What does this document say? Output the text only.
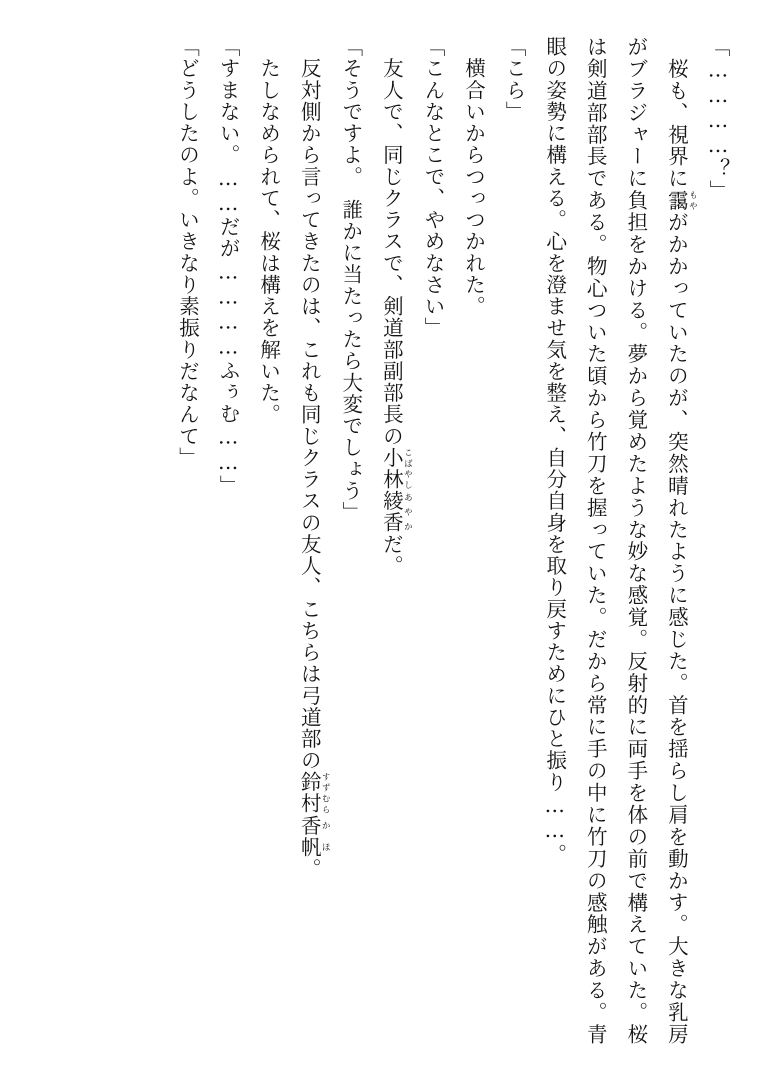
「…………？」

　桜も、視界に靄 もやがかかっていたのが、突然晴れたように感じた。首を揺らし肩を動かす。大きな乳房がブラジャーに負担をかける。夢から覚めたような妙な感覚。反射的に両手を体の前で構えていた。桜は剣道部部長である。物心ついた頃から竹刀を握っていた。だから常に手の中に竹刀の感触がある。青眼の姿勢に構える。心を澄ませ気を整え、自分自身を取り戻すためにひと振り……。

「こら」

　横合いからつっつかれた。

「こんなとこで、やめなさい」

　友人で、同じクラスで、剣道部副部長の小林 こばやし綾香 あやかだ。

「そうですよ。　誰かに当たったら大変でしょう」

　反対側から言ってきたのは、これも同じクラスの友人、こちらは弓道部の鈴村 すずむら香帆 かほ。

　たしなめられて、桜は構えを解いた。

「すまない。……だが…………ふぅむ……」

「どうしたのよ。いきなり素振りだなんて」
